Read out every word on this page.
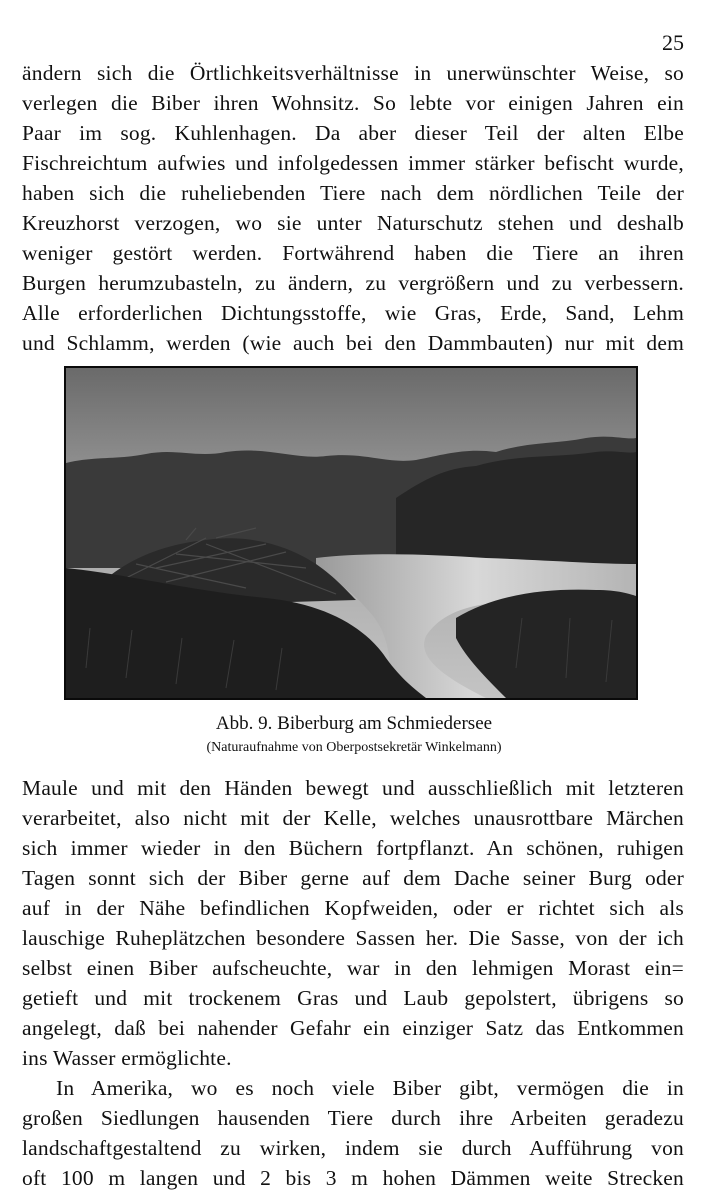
25
ändern sich die Örtlichkeitsverhältnisse in unerwünschter Weise, so
verlegen die Biber ihren Wohnsitz. So lebte vor einigen Jahren ein
Paar im sog. Kuhlenhagen. Da aber dieser Teil der alten Elbe
Fischreichtum aufwies und infolgedessen immer stärker befischt wurde,
haben sich die ruheliebenden Tiere nach dem nördlichen Teile der
Kreuzhorst verzogen, wo sie unter Naturschutz stehen und deshalb
weniger gestört werden. Fortwährend haben die Tiere an ihren
Burgen herumzubasteln, zu ändern, zu vergrößern und zu verbessern.
Alle erforderlichen Dichtungsstoffe, wie Gras, Erde, Sand, Lehm
und Schlamm, werden (wie auch bei den Dammbauten) nur mit dem
Abb. 9. Biberburg am Schmiedersee
(Naturaufnahme von Oberpostsekretär Winkelmann)
Maule und mit den Händen bewegt und ausschließlich mit letzteren
verarbeitet, also nicht mit der Kelle, welches unausrottbare Märchen
sich immer wieder in den Büchern fortpflanzt. An schönen, ruhigen
Tagen sonnt sich der Biber gerne auf dem Dache seiner Burg oder
auf in der Nähe befindlichen Kopfweiden, oder er richtet sich als
lauschige Ruheplätzchen besondere Sassen her. Die Sasse, von der ich
selbst einen Biber aufscheuchte, war in den lehmigen Morast ein=
getieft und mit trockenem Gras und Laub gepolstert, übrigens so
angelegt, daß bei nahender Gefahr ein einziger Satz das Entkommen
ins Wasser ermöglichte.
In Amerika, wo es noch viele Biber gibt, vermögen die in
großen Siedlungen hausenden Tiere durch ihre Arbeiten geradezu
landschaftgestaltend zu wirken, indem sie durch Aufführung von
oft 100 m langen und 2 bis 3 m hohen Dämmen weite Strecken
